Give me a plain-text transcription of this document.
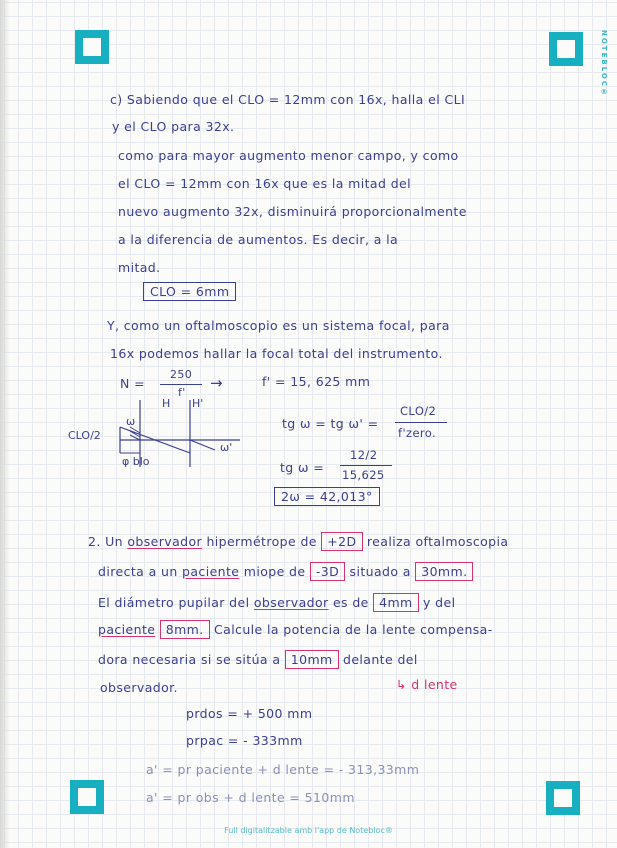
NOTEBLOC®
c) Sabiendo que el CLO = 12mm con 16x, halla el CLI
y el CLO para 32x.
como para mayor augmento menor campo, y como
el CLO = 12mm con 16x que es la mitad del
nuevo augmento 32x, disminuirá proporcionalmente
a la diferencia de aumentos. Es decir, a la
mitad.
CLO = 6mm
Y, como un oftalmoscopio es un sistema focal, para
16x podemos hallar la focal total del instrumento.
N =
250
f'
→	f' = 15, 625 mm
H H'
CLO/2
ω
ω'
φ blo
tg ω = tg ω' =
CLO/2
f'zero.
tg ω =
12/2
15,625
2ω = 42,013°
2. Un observador hipermétrope de +2D realiza oftalmoscopia
directa a un paciente miope de -3D situado a 30mm.
El diámetro pupilar del observador es de 4mm y del
paciente 8mm. Calcule la potencia de la lente compensa-
dora necesaria si se sitúa a 10mm delante del
↳ d lente
observador.
prdos = + 500 mm
prpac = - 333mm
a' = pr paciente + d lente = - 313,33mm
a' = pr obs + d lente = 510mm
Full digitalitzable amb l'app de Notebloc®
